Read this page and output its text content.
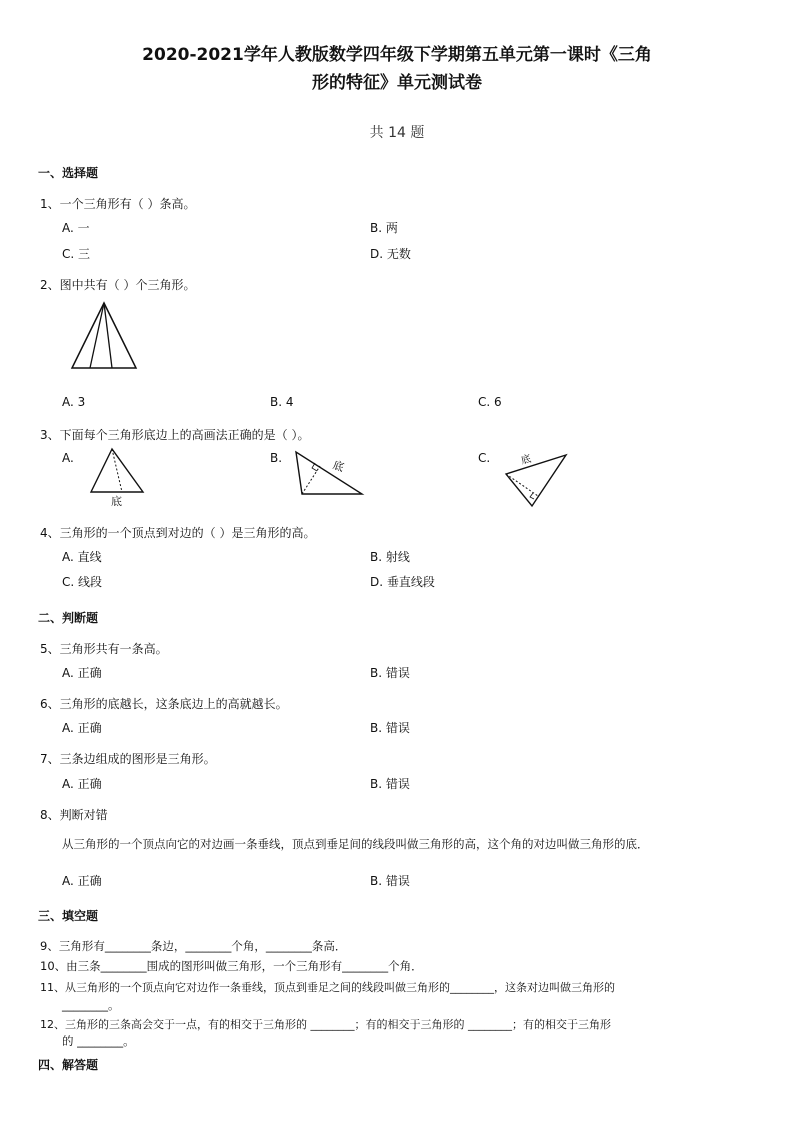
2020-2021学年人教版数学四年级下学期第五单元第一课时《三角
形的特征》单元测试卷
共 14 题
一、选择题
1、一个三角形有（ ）条高。
A. 一	B. 两
C. 三	D. 无数
2、图中共有（ ）个三角形。
A. 3	B. 4	C. 6
3、下面每个三角形底边上的高画法正确的是（ ）。
A.
底
B.
底
C.	底
4、三角形的一个顶点到对边的（ ）是三角形的高。
A. 直线	B. 射线
C. 线段	D. 垂直线段
二、判断题
5、三角形共有一条高。
A. 正确	B. 错误
6、三角形的底越长，这条底边上的高就越长。
A. 正确	B. 错误
7、三条边组成的图形是三角形。
A. 正确	B. 错误
8、判断对错
从三角形的一个顶点向它的对边画一条垂线，顶点到垂足间的线段叫做三角形的高，这个角的对边叫做三角形的底．
A. 正确	B. 错误
三、填空题
9、三角形有________条边，________个角，________条高．
10、由三条________围成的图形叫做三角形，一个三角形有________个角．
11、从三角形的一个顶点向它对边作一条垂线，顶点到垂足之间的线段叫做三角形的________，这条对边叫做三角形的
________。
12、三角形的三条高会交于一点，有的相交于三角形的 ________；有的相交于三角形的 ________；有的相交于三角形
的 ________。
四、解答题
